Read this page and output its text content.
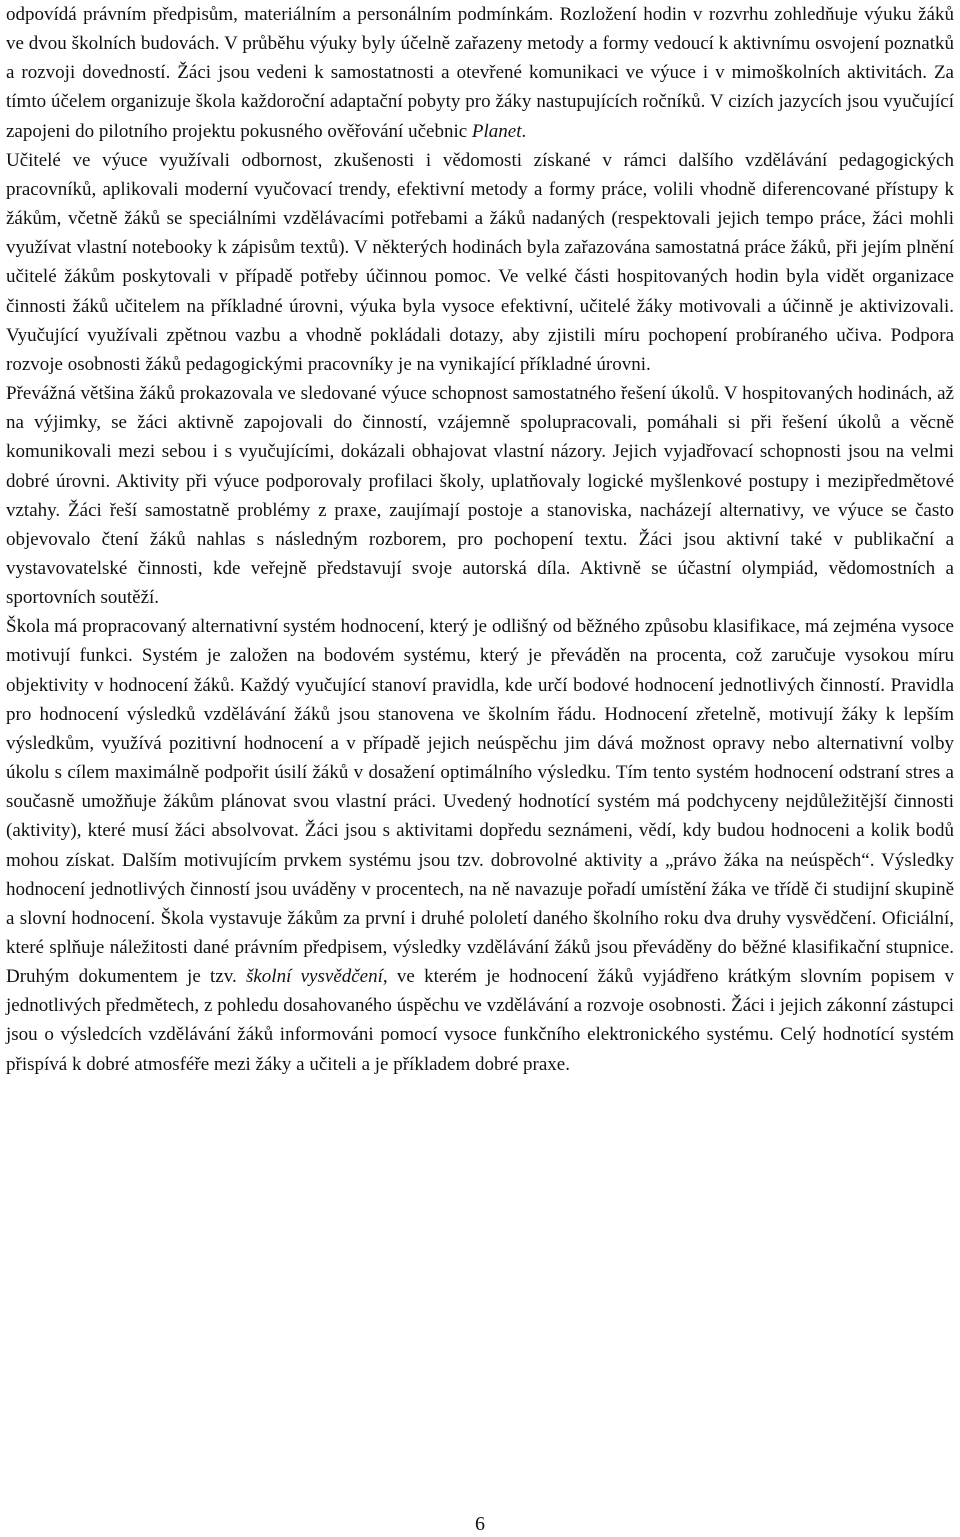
odpovídá právním předpisům, materiálním a personálním podmínkám. Rozložení hodin v rozvrhu zohledňuje výuku žáků ve dvou školních budovách. V průběhu výuky byly účelně zařazeny metody a formy vedoucí k aktivnímu osvojení poznatků a rozvoji dovedností. Žáci jsou vedeni k samostatnosti a otevřené komunikaci ve výuce i v mimoškolních aktivitách. Za tímto účelem organizuje škola každoroční adaptační pobyty pro žáky nastupujících ročníků. V cizích jazycích jsou vyučující zapojeni do pilotního projektu pokusného ověřování učebnic Planet.

Učitelé ve výuce využívali odbornost, zkušenosti i vědomosti získané v rámci dalšího vzdělávání pedagogických pracovníků, aplikovali moderní vyučovací trendy, efektivní metody a formy práce, volili vhodně diferencované přístupy k žákům, včetně žáků se speciálními vzdělávacími potřebami a žáků nadaných (respektovali jejich tempo práce, žáci mohli využívat vlastní notebooky k zápisům textů). V některých hodinách byla zařazována samostatná práce žáků, při jejím plnění učitelé žákům poskytovali v případě potřeby účinnou pomoc. Ve velké části hospitovaných hodin byla vidět organizace činnosti žáků učitelem na příkladné úrovni, výuka byla vysoce efektivní, učitelé žáky motivovali a účinně je aktivizovali. Vyučující využívali zpětnou vazbu a vhodně pokládali dotazy, aby zjistili míru pochopení probíraného učiva. Podpora rozvoje osobnosti žáků pedagogickými pracovníky je na vynikající příkladné úrovni.

Převážná většina žáků prokazovala ve sledované výuce schopnost samostatného řešení úkolů. V hospitovaných hodinách, až na výjimky, se žáci aktivně zapojovali do činností, vzájemně spolupracovali, pomáhali si při řešení úkolů a věcně komunikovali mezi sebou i s vyučujícími, dokázali obhajovat vlastní názory. Jejich vyjadřovací schopnosti jsou na velmi dobré úrovni. Aktivity při výuce podporovaly profilaci školy, uplatňovaly logické myšlenkové postupy i mezipředmětové vztahy. Žáci řeší samostatně problémy z praxe, zaujímají postoje a stanoviska, nacházejí alternativy, ve výuce se často objevovalo čtení žáků nahlas s následným rozborem, pro pochopení textu. Žáci jsou aktivní také v publikační a vystavovatelské činnosti, kde veřejně představují svoje autorská díla. Aktivně se účastní olympiád, vědomostních a sportovních soutěží.

Škola má propracovaný alternativní systém hodnocení, který je odlišný od běžného způsobu klasifikace, má zejména vysoce motivují funkci. Systém je založen na bodovém systému, který je převáděn na procenta, což zaručuje vysokou míru objektivity v hodnocení žáků. Každý vyučující stanoví pravidla, kde určí bodové hodnocení jednotlivých činností. Pravidla pro hodnocení výsledků vzdělávání žáků jsou stanovena ve školním řádu. Hodnocení zřetelně, motivují žáky k lepším výsledkům, využívá pozitivní hodnocení a v případě jejich neúspěchu jim dává možnost opravy nebo alternativní volby úkolu s cílem maximálně podpořit úsilí žáků v dosažení optimálního výsledku. Tím tento systém hodnocení odstraní stres a současně umožňuje žákům plánovat svou vlastní práci. Uvedený hodnotící systém má podchyceny nejdůležitější činnosti (aktivity), které musí žáci absolvovat. Žáci jsou s aktivitami dopředu seznámeni, vědí, kdy budou hodnoceni a kolik bodů mohou získat. Dalším motivujícím prvkem systému jsou tzv. dobrovolné aktivity a „právo žáka na neúspěch“. Výsledky hodnocení jednotlivých činností jsou uváděny v procentech, na ně navazuje pořadí umístění žáka ve třídě či studijní skupině a slovní hodnocení. Škola vystavuje žákům za první i druhé pololetí daného školního roku dva druhy vysvědčení. Oficiální, které splňuje náležitosti dané právním předpisem, výsledky vzdělávání žáků jsou převáděny do běžné klasifikační stupnice. Druhým dokumentem je tzv. školní vysvědčení, ve kterém je hodnocení žáků vyjádřeno krátkým slovním popisem v jednotlivých předmětech, z pohledu dosahovaného úspěchu ve vzdělávání a rozvoje osobnosti. Žáci i jejich zákonní zástupci jsou o výsledcích vzdělávání žáků informováni pomocí vysoce funkčního elektronického systému. Celý hodnotící systém přispívá k dobré atmosféře mezi žáky a učiteli a je příkladem dobré praxe.

6
